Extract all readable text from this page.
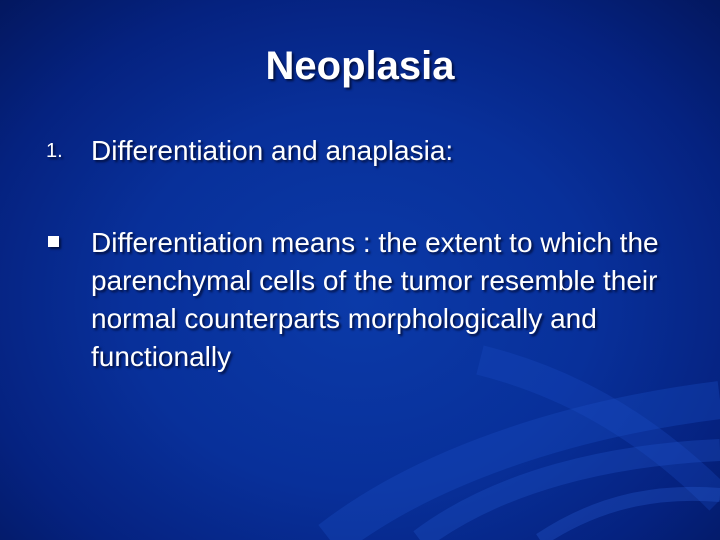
Neoplasia
1. Differentiation and anaplasia:
Differentiation means : the extent to which the parenchymal cells of the tumor resemble their normal counterparts morphologically and functionally
